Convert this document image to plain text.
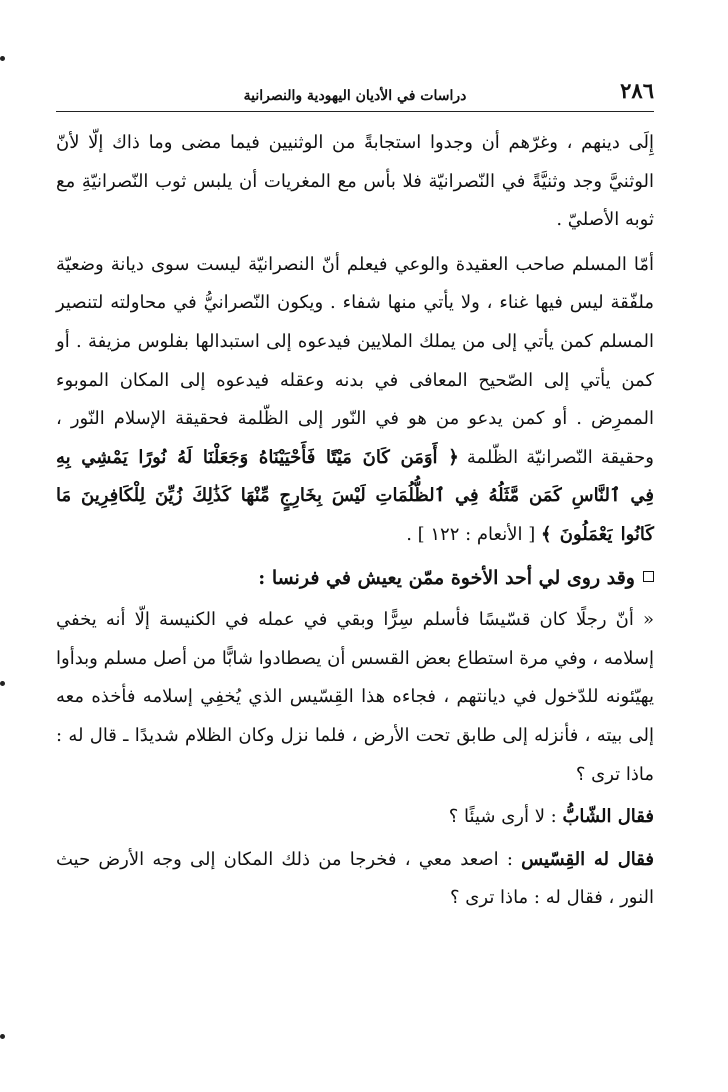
٢٨٦
دراسات في الأديان اليهودية والنصرانية

إِلَى دينهم ، وغرّهم أن وجدوا استجابةً من الوثنيين فيما مضى وما ذاك إلّا لأنّ الوثنيَّ وجد وثنيَّةً في النّصرانيّة فلا بأس مع المغريات أن يلبس ثوب النّصرانيّةِ مع ثوبه الأصليّ .

أمّا المسلم صاحب العقيدة والوعي فيعلم أنّ النصرانيّة ليست سوى ديانة وضعيّة ملفّقة ليس فيها غناء ، ولا يأتي منها شفاء . ويكون النّصرانيُّ في محاولته لتنصير المسلم كمن يأتي إلى من يملك الملايين فيدعوه إلى استبدالها بفلوس مزيفة . أو كمن يأتي إلى الصّحيح المعافى في بدنه وعقله فيدعوه إلى المكان الموبوء الممرِض . أو كمن يدعو من هو في النّور إلى الظّلمة فحقيقة الإسلام النّور ، وحقيقة النّصرانيّة الظّلمة ﴿ أَوَمَن كَانَ مَيْتًا فَأَحْيَيْنَاهُ وَجَعَلْنَا لَهُ نُورًا يَمْشِي بِهِ فِي ٱلنَّاسِ كَمَن مَّثَلُهُ فِي ٱلظُّلُمَاتِ لَيْسَ بِخَارِجٍ مِّنْهَا كَذَٰلِكَ زُيِّنَ لِلْكَافِرِينَ مَا كَانُوا يَعْمَلُونَ ﴾ [ الأنعام : ١٢٢ ] .

وقد روى لي أحد الأخوة ممّن يعيش في فرنسا :

« أنّ رجلًا كان قسّيسًا فأسلم سِرًّا وبقي في عمله في الكنيسة إلّا أنه يخفي إسلامه ، وفي مرة استطاع بعض القسس أن يصطادوا شابًّا من أصل مسلم وبدأوا يهيّئونه للدّخول في ديانتهم ، فجاءه هذا القِسّيس الذي يُخفِي إسلامه فأخذه معه إلى بيته ، فأنزله إلى طابق تحت الأرض ، فلما نزل وكان الظلام شديدًا ـ قال له : ماذا ترى ؟

فقال الشّابُّ : لا أرى شيئًا ؟

فقال له القِسّيس : اصعد معي ، فخرجا من ذلك المكان إلى وجه الأرض حيث النور ، فقال له : ماذا ترى ؟
